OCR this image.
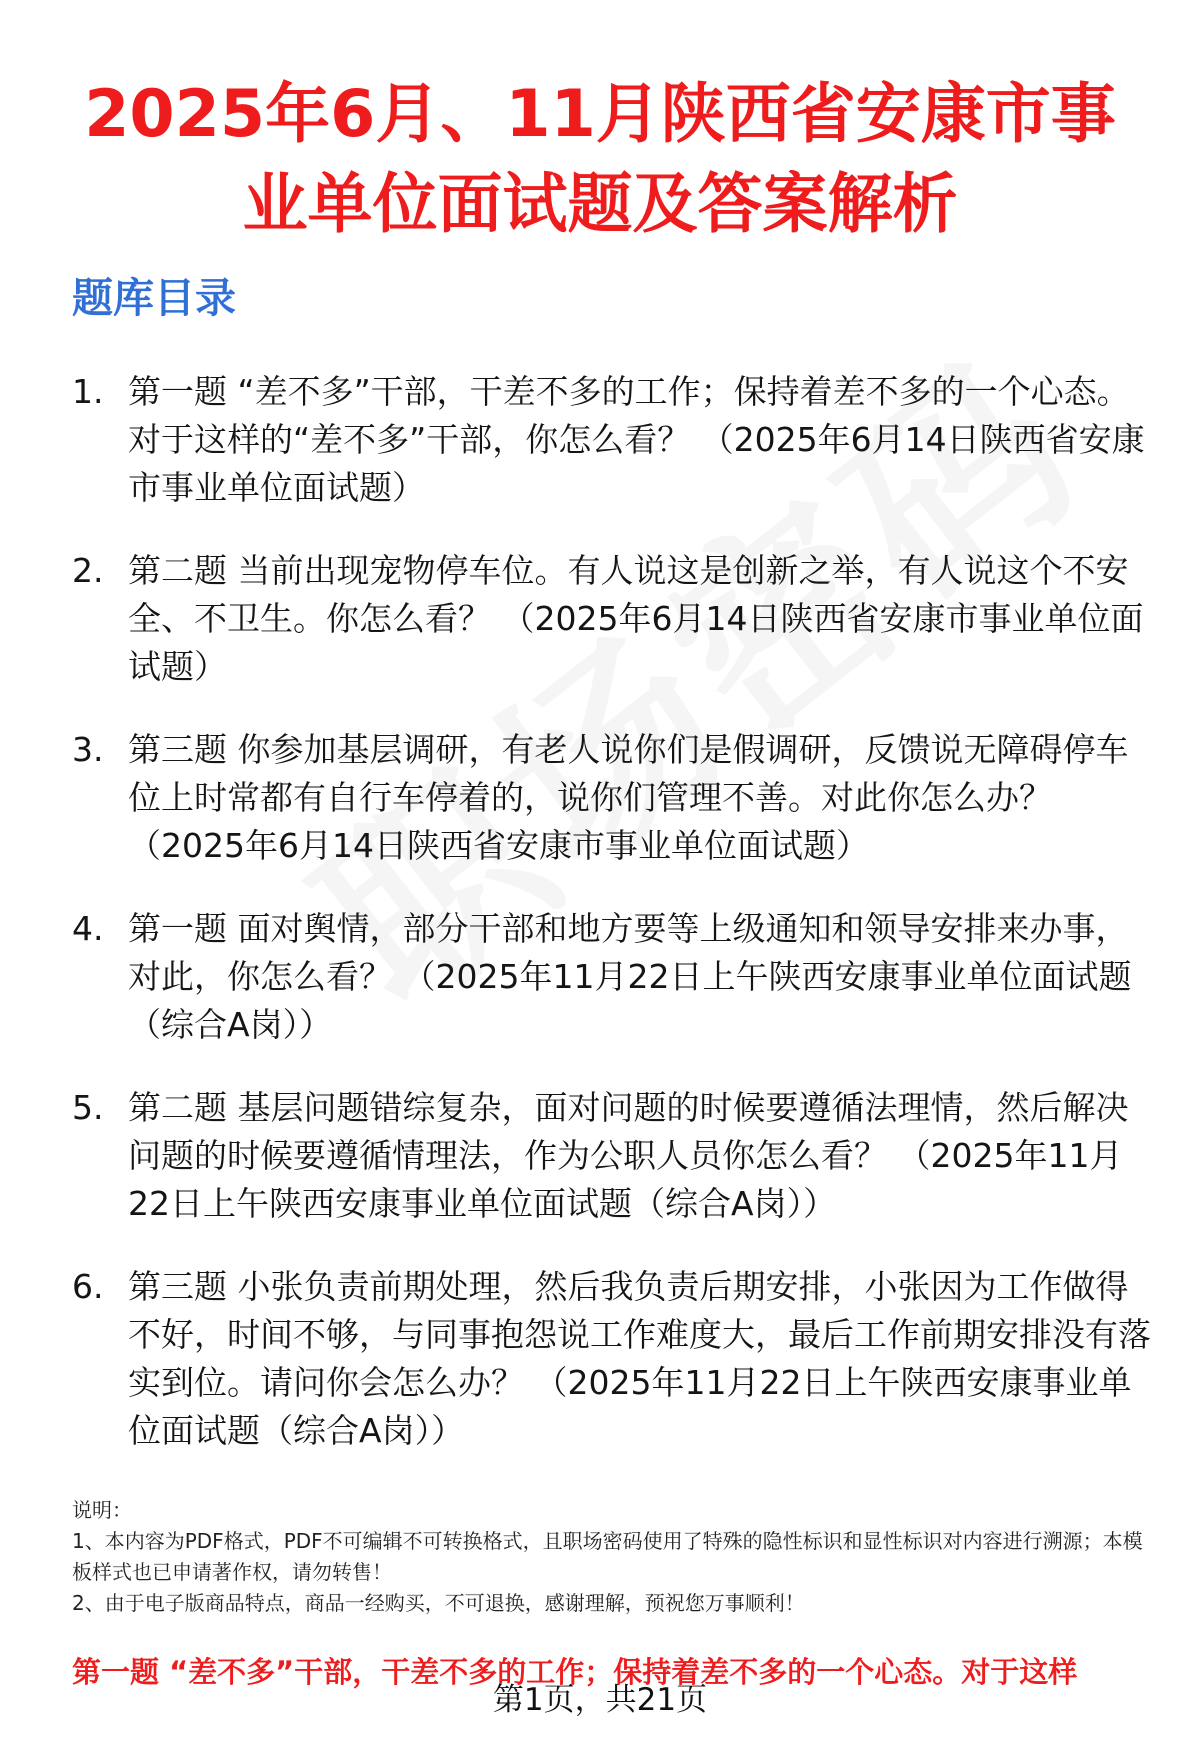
2025年6月、11月陕西省安康市事业单位面试题及答案解析
题库目录
1. 第一题 “差不多”干部，干差不多的工作；保持着差不多的一个心态。对于这样的“差不多”干部，你怎么看？ （2025年6月14日陕西省安康市事业单位面试题）
2. 第二题 当前出现宠物停车位。有人说这是创新之举，有人说这个不安全、不卫生。你怎么看？ （2025年6月14日陕西省安康市事业单位面试题）
3. 第三题 你参加基层调研，有老人说你们是假调研，反馈说无障碍停车位上时常都有自行车停着的，说你们管理不善。对此你怎么办？ （2025年6月14日陕西省安康市事业单位面试题）
4. 第一题 面对舆情，部分干部和地方要等上级通知和领导安排来办事，对此，你怎么看？ （2025年11月22日上午陕西安康事业单位面试题（综合A岗））
5. 第二题 基层问题错综复杂，面对问题的时候要遵循法理情，然后解决问题的时候要遵循情理法，作为公职人员你怎么看？ （2025年11月22日上午陕西安康事业单位面试题（综合A岗））
6. 第三题 小张负责前期处理，然后我负责后期安排，小张因为工作做得不好，时间不够，与同事抱怨说工作难度大，最后工作前期安排没有落实到位。请问你会怎么办？ （2025年11月22日上午陕西安康事业单位面试题（综合A岗））
说明：
1、本内容为PDF格式，PDF不可编辑不可转换格式，且职场密码使用了特殊的隐性标识和显性标识对内容进行溯源；本模板样式也已申请著作权，请勿转售！
2、由于电子版商品特点，商品一经购买，不可退换，感谢理解，预祝您万事顺利！
第一题 “差不多”干部，干差不多的工作；保持着差不多的一个心态。对于这样
第1页，共21页
